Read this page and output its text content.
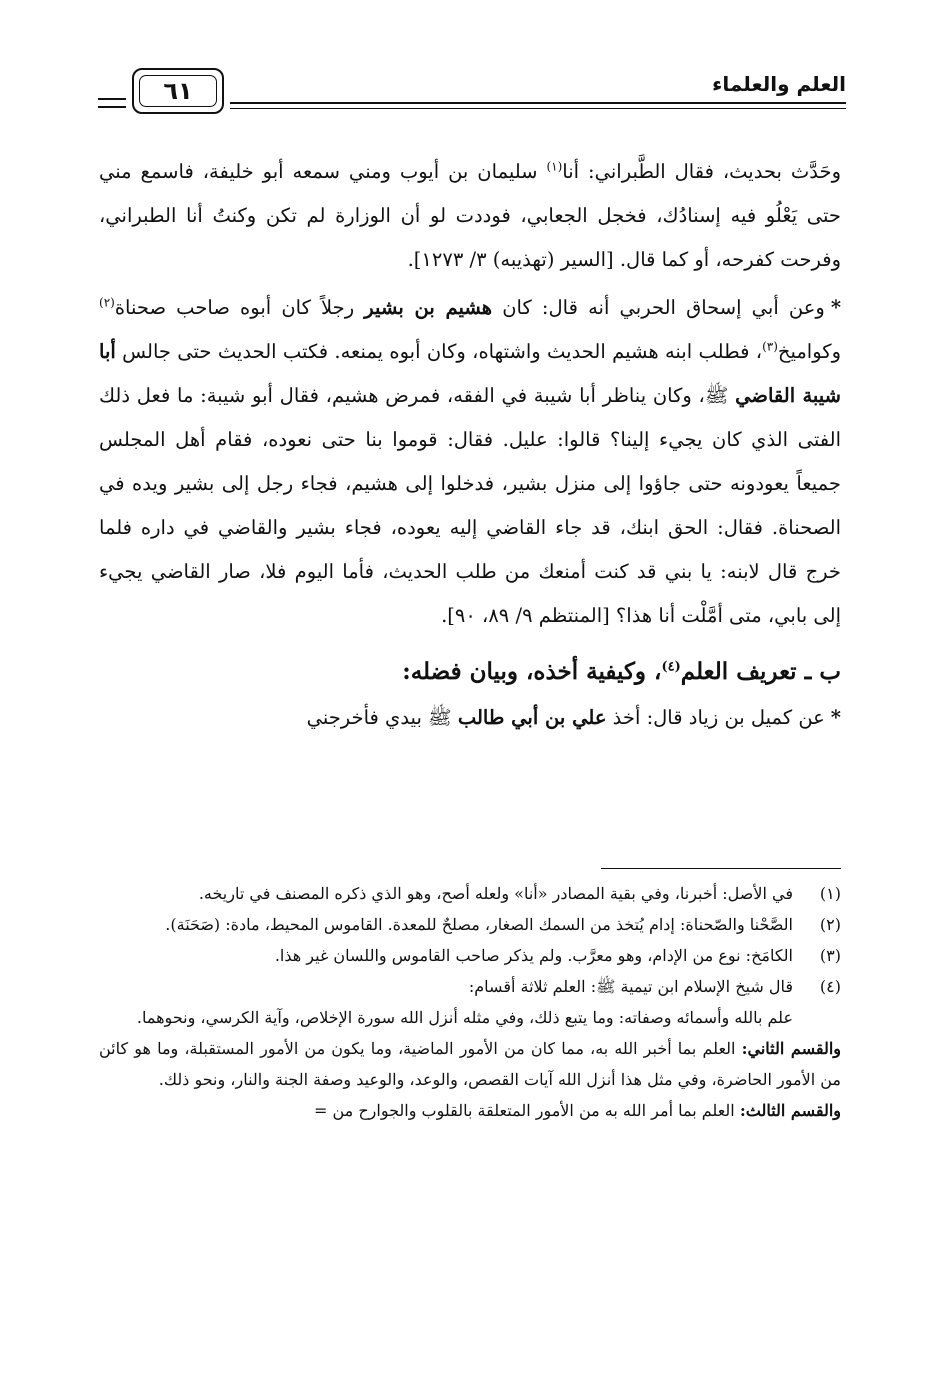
العلم والعلماء
٦١

وحَدَّث بحديث، فقال الطَّبراني: أنا$^{(١)}$ سليمان بن أيوب ومني سمعه أبو خليفة، فاسمع مني حتى يَعْلُو فيه إسنادُك، فخجل الجعابي، فوددت لو أن الوزارة لم تكن وكنتُ أنا الطبراني، وفرحت كفرحه، أو كما قال. [السير (تهذيبه) ٣/ ١٢٧٣].

*وعن أبي إسحاق الحربي أنه قال: كان هشيم بن بشير رجلاً كان أبوه صاحب صحناة$^{(٢)}$ وكواميخ$^{(٣)}$، فطلب ابنه هشيم الحديث واشتهاه، وكان أبوه يمنعه. فكتب الحديث حتى جالس أبا شيبة القاضي ﷺ، وكان يناظر أبا شيبة في الفقه، فمرض هشيم، فقال أبو شيبة: ما فعل ذلك الفتى الذي كان يجيء إلينا؟ قالوا: عليل. فقال: قوموا بنا حتى نعوده، فقام أهل المجلس جميعاً يعودونه حتى جاؤوا إلى منزل بشير، فدخلوا إلى هشيم، فجاء رجل إلى بشير ويده في الصحناة. فقال: الحق ابنك، قد جاء القاضي إليه يعوده، فجاء بشير والقاضي في داره فلما خرج قال لابنه: يا بني قد كنت أمنعك من طلب الحديث، فأما اليوم فلا، صار القاضي يجيء إلى بابي، متى أمَّلْت أنا هذا؟ [المنتظم ٩/ ٨٩، ٩٠].

ب ـ تعريف العلم$^{(٤)}$، وكيفية أخذه، وبيان فضله:

*عن كميل بن زياد قال: أخذ علي بن أبي طالب ﷺ بيدي فأخرجني

(١)
في الأصل: أخبرنا، وفي بقية المصادر «أنا» ولعله أصح، وهو الذي ذكره المصنف في تاريخه.
(٢)
الصَّحْنا والصّحناة: إدام يُتخذ من السمك الصغار، مصلحٌ للمعدة. القاموس المحيط، مادة: (صَحَنَة).
(٣)
الكامَخ: نوع من الإدام، وهو معرَّب. ولم يذكر صاحب القاموس واللسان غير هذا.
(٤)
قال شيخ الإسلام ابن تيمية ﷺ: العلم ثلاثة أقسام:

علم بالله وأسمائه وصفاته: وما يتبع ذلك، وفي مثله أنزل الله سورة الإخلاص، وآية الكرسي، ونحوهما.

والقسم الثاني: العلم بما أخبر الله به، مما كان من الأمور الماضية، وما يكون من الأمور المستقبلة، وما هو كائن من الأمور الحاضرة، وفي مثل هذا أنزل الله آيات القصص، والوعد، والوعيد وصفة الجنة والنار، ونحو ذلك.

والقسم الثالث: العلم بما أمر الله به من الأمور المتعلقة بالقلوب والجوارح من =
